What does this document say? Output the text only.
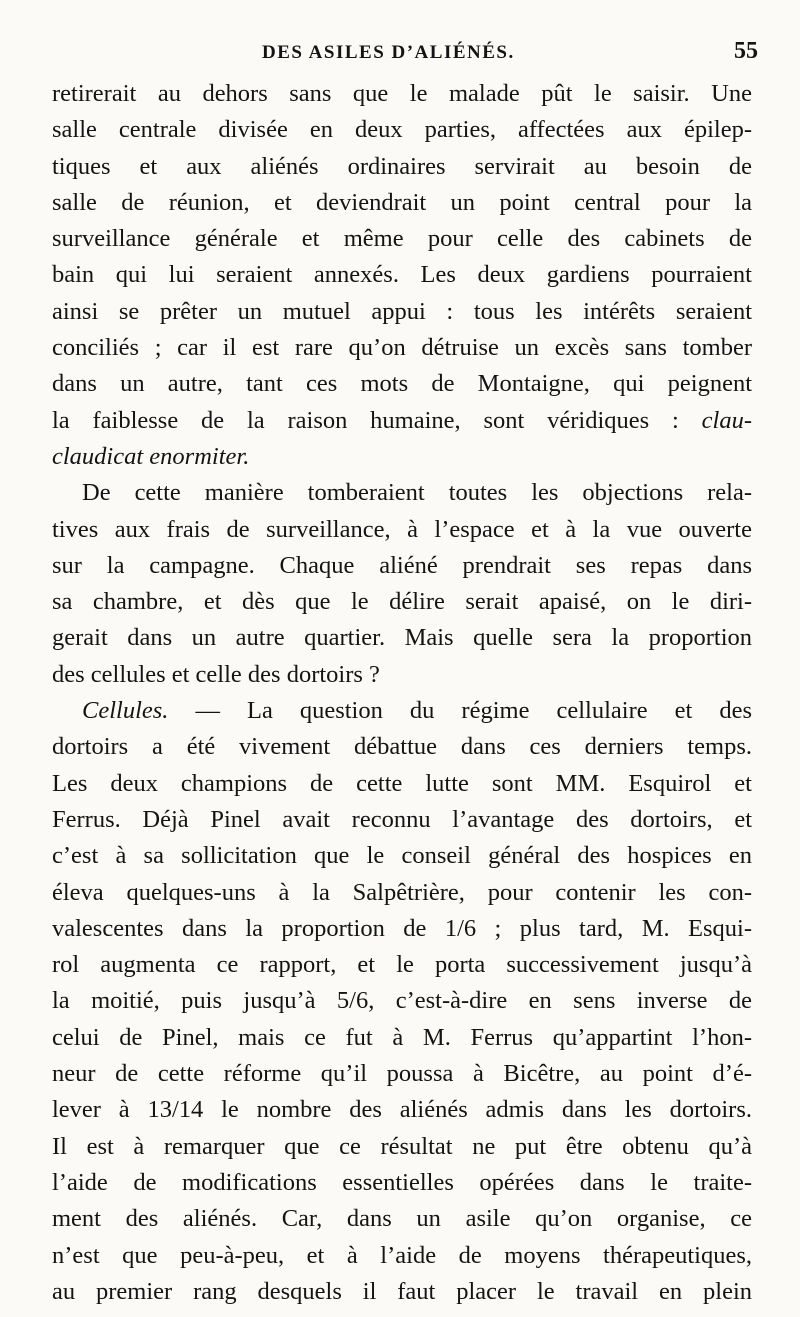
DES ASILES D’ALIÉNÉS.	55
retirerait au dehors sans que le malade pût le saisir. Une
salle centrale divisée en deux parties, affectées aux épilep-
tiques et aux aliénés ordinaires servirait au besoin de
salle de réunion, et deviendrait un point central pour la
surveillance générale et même pour celle des cabinets de
bain qui lui seraient annexés. Les deux gardiens pourraient
ainsi se prêter un mutuel appui : tous les intérêts seraient
conciliés ; car il est rare qu’on détruise un excès sans tomber
dans un autre, tant ces mots de Montaigne, qui peignent
la faiblesse de la raison humaine, sont véridiques : clau-
claudicat enormiter.
De cette manière tomberaient toutes les objections rela-
tives aux frais de surveillance, à l’espace et à la vue ouverte
sur la campagne. Chaque aliéné prendrait ses repas dans
sa chambre, et dès que le délire serait apaisé, on le diri-
gerait dans un autre quartier. Mais quelle sera la proportion
des cellules et celle des dortoirs ?
Cellules. — La question du régime cellulaire et des
dortoirs a été vivement débattue dans ces derniers temps.
Les deux champions de cette lutte sont MM. Esquirol et
Ferrus. Déjà Pinel avait reconnu l’avantage des dortoirs, et
c’est à sa sollicitation que le conseil général des hospices en
éleva quelques-uns à la Salpêtrière, pour contenir les con-
valescentes dans la proportion de 1/6 ; plus tard, M. Esqui-
rol augmenta ce rapport, et le porta successivement jusqu’à
la moitié, puis jusqu’à 5/6, c’est-à-dire en sens inverse de
celui de Pinel, mais ce fut à M. Ferrus qu’appartint l’hon-
neur de cette réforme qu’il poussa à Bicêtre, au point d’é-
lever à 13/14 le nombre des aliénés admis dans les dortoirs.
Il est à remarquer que ce résultat ne put être obtenu qu’à
l’aide de modifications essentielles opérées dans le traite-
ment des aliénés. Car, dans un asile qu’on organise, ce
n’est que peu-à-peu, et à l’aide de moyens thérapeutiques,
au premier rang desquels il faut placer le travail en plein
